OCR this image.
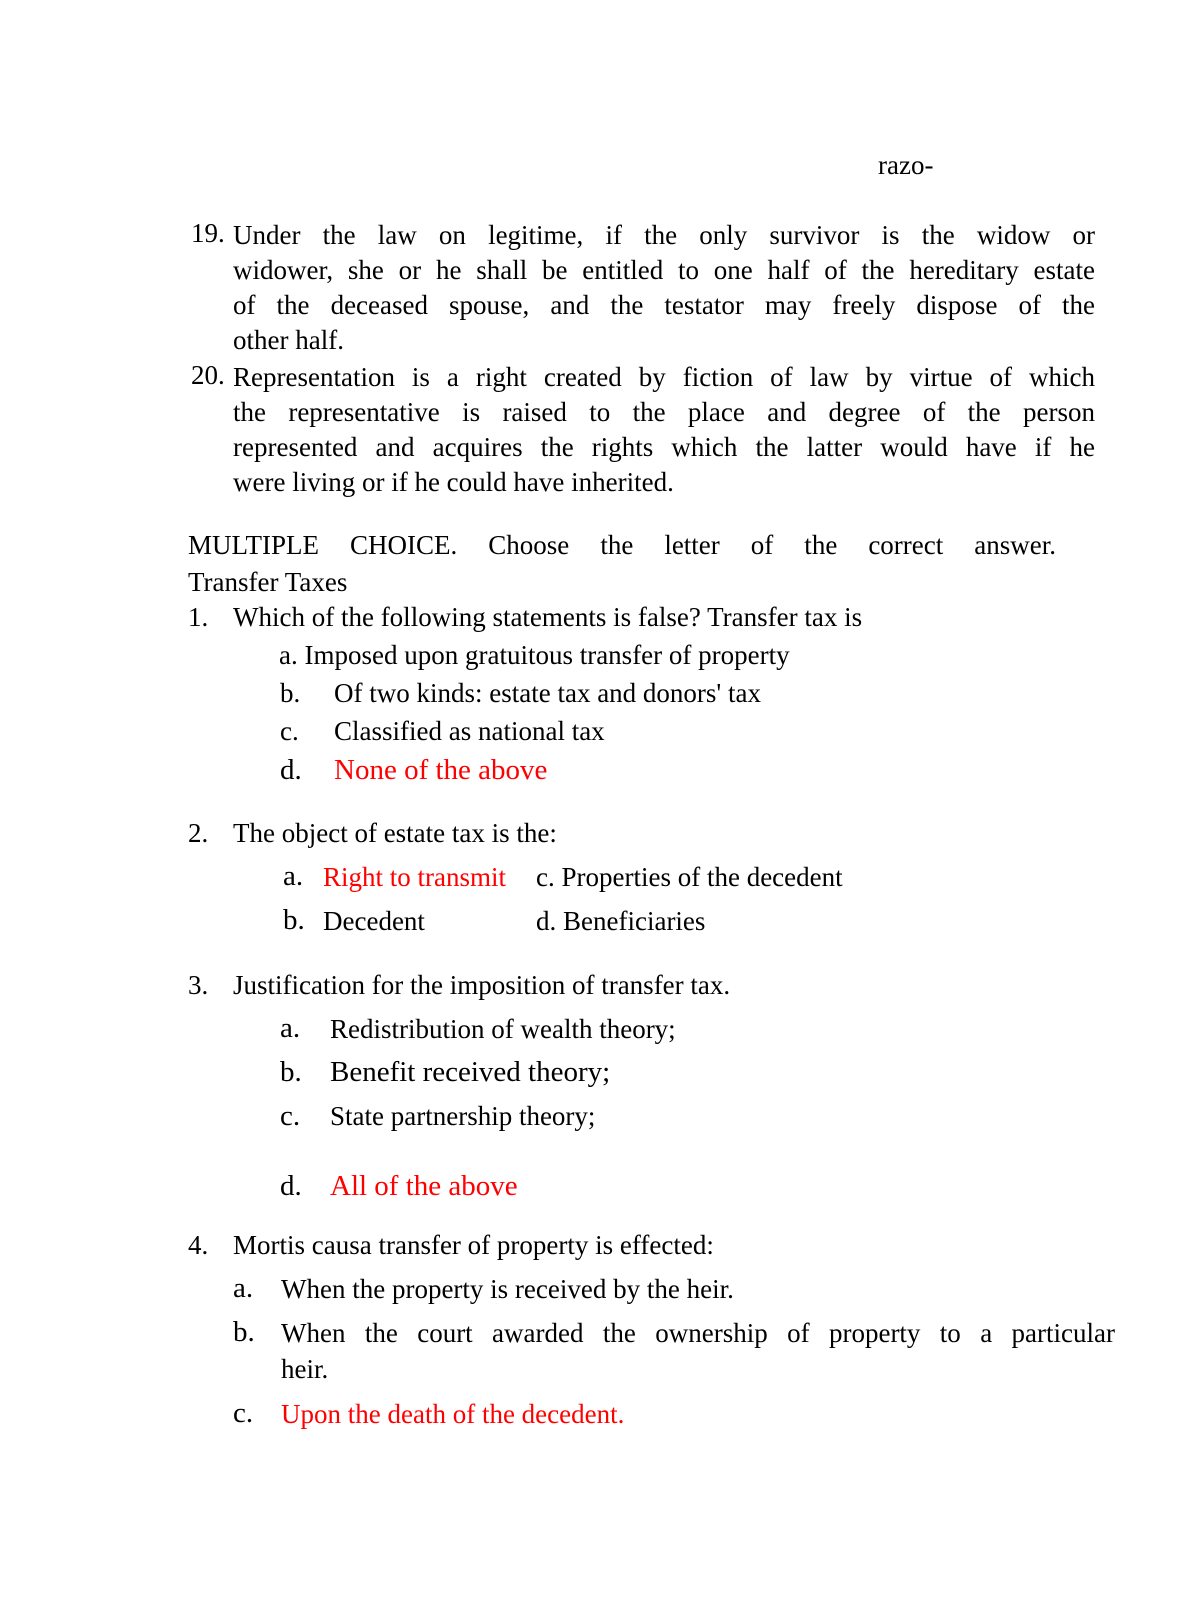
razo-
19. Under the law on legitime, if the only survivor is the widow or
widower, she or he shall be entitled to one half of the hereditary estate
of the deceased spouse, and the testator may freely dispose of the
other half.
20. Representation is a right created by fiction of law by virtue of which
the representative is raised to the place and degree of the person
represented and acquires the rights which the latter would have if he
were living or if he could have inherited.
MULTIPLE CHOICE. Choose the letter of the correct answer.
Transfer Taxes
1. Which of the following statements is false? Transfer tax is
a. Imposed upon gratuitous transfer of property
b. Of two kinds: estate tax and donors' tax
c. Classified as national tax
d. None of the above
2. The object of estate tax is the:
a. Right to transmit c. Properties of the decedent
b. Decedent	d. Beneficiaries
3. Justification for the imposition of transfer tax.
a. Redistribution of wealth theory;
b. Benefit received theory;
c. State partnership theory;
d. All of the above
4. Mortis causa transfer of property is effected:
a. When the property is received by the heir.
b. When the court awarded the ownership of property to a particular
heir.
c. Upon the death of the decedent.
